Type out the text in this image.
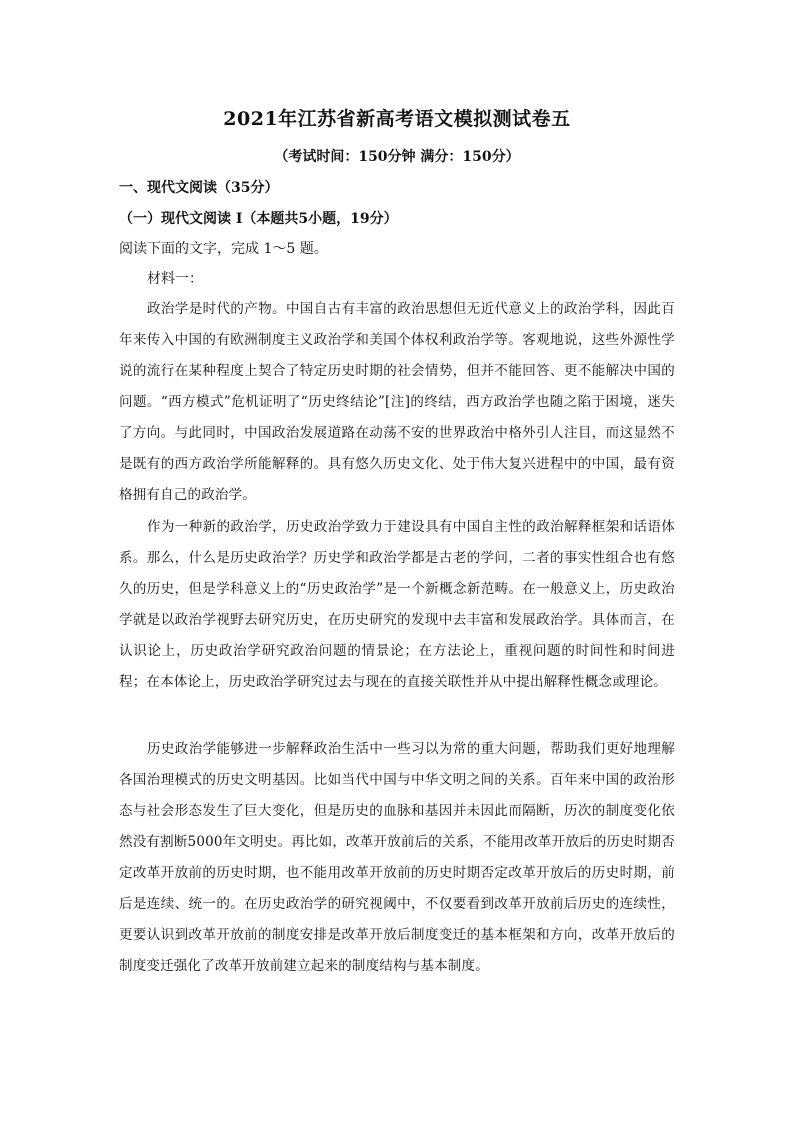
2021年江苏省新高考语文模拟测试卷五
（考试时间：150分钟 满分：150分）
一、现代文阅读（35分）
（一）现代文阅读 I（本题共5小题，19分）
阅读下面的文字，完成 1～5 题。
材料一：
政治学是时代的产物。中国自古有丰富的政治思想但无近代意义上的政治学科，因此百年来传入中国的有欧洲制度主义政治学和美国个体权利政治学等。客观地说，这些外源性学说的流行在某种程度上契合了特定历史时期的社会情势，但并不能回答、更不能解决中国的问题。“西方模式”危机证明了“历史终结论”[注]的终结，西方政治学也随之陷于困境，迷失了方向。与此同时，中国政治发展道路在动荡不安的世界政治中格外引人注目，而这显然不是既有的西方政治学所能解释的。具有悠久历史文化、处于伟大复兴进程中的中国，最有资格拥有自己的政治学。
作为一种新的政治学，历史政治学致力于建设具有中国自主性的政治解释框架和话语体系。那么，什么是历史政治学？历史学和政治学都是古老的学问，二者的事实性组合也有悠久的历史，但是学科意义上的“历史政治学”是一个新概念新范畴。在一般意义上，历史政治学就是以政治学视野去研究历史，在历史研究的发现中去丰富和发展政治学。具体而言，在认识论上，历史政治学研究政治问题的情景论；在方法论上，重视问题的时间性和时间进程；在本体论上，历史政治学研究过去与现在的直接关联性并从中提出解释性概念或理论。
历史政治学能够进一步解释政治生活中一些习以为常的重大问题，帮助我们更好地理解各国治理模式的历史文明基因。比如当代中国与中华文明之间的关系。百年来中国的政治形态与社会形态发生了巨大变化，但是历史的血脉和基因并未因此而隔断，历次的制度变化依然没有割断5000年文明史。再比如，改革开放前后的关系，不能用改革开放后的历史时期否定改革开放前的历史时期，也不能用改革开放前的历史时期否定改革开放后的历史时期，前后是连续、统一的。在历史政治学的研究视阈中，不仅要看到改革开放前后历史的连续性，更要认识到改革开放前的制度安排是改革开放后制度变迁的基本框架和方向，改革开放后的制度变迁强化了改革开放前建立起来的制度结构与基本制度。
